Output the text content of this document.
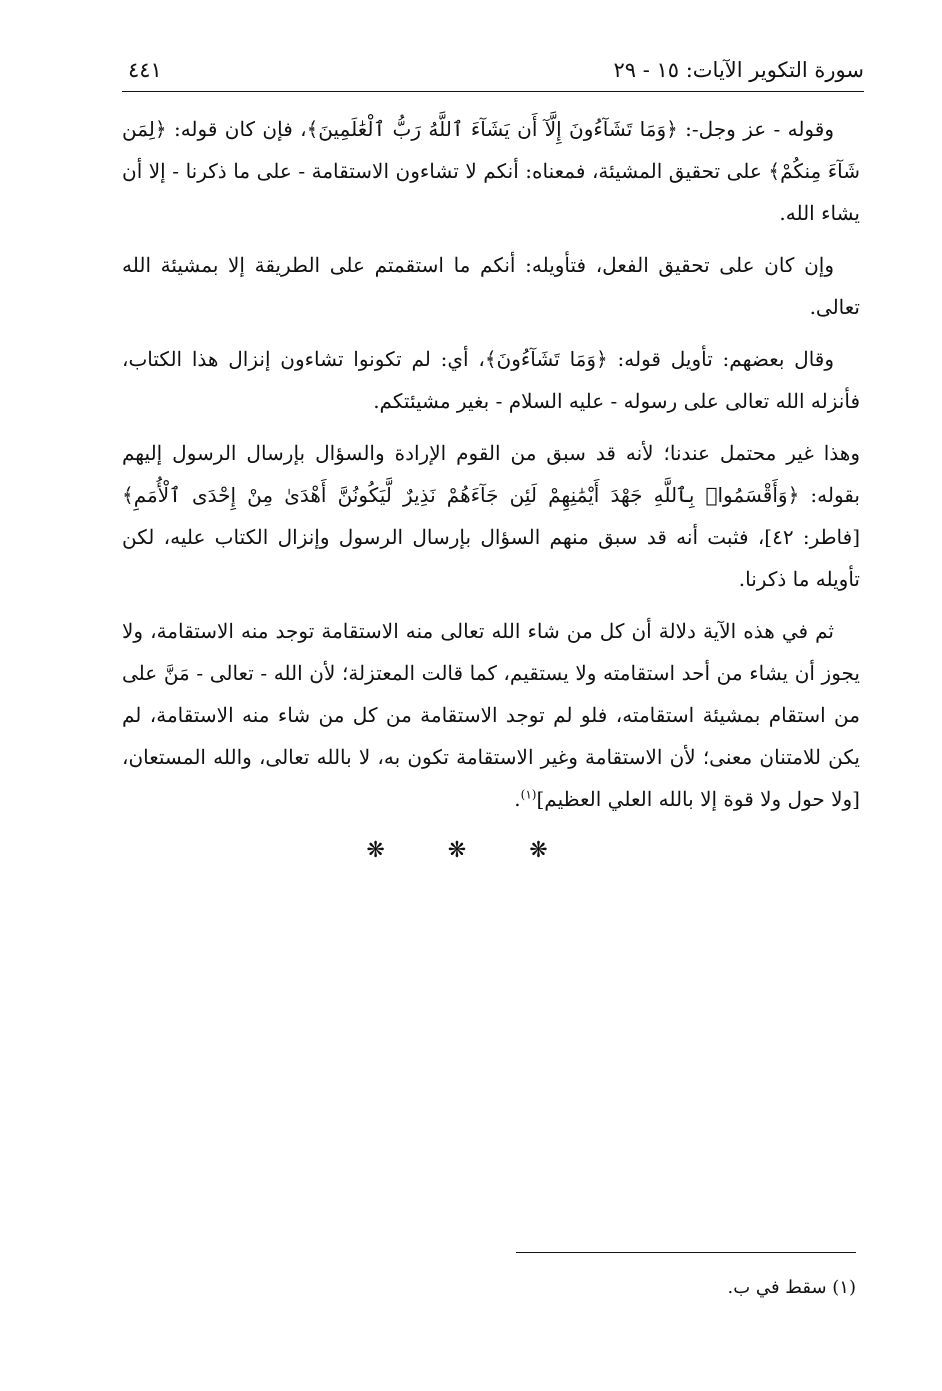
سورة التكوير الآيات: ١٥ - ٢٩
٤٤١

وقوله - عز وجل-: ﴿وَمَا تَشَآءُونَ إِلَّآ أَن يَشَآءَ ٱللَّهُ رَبُّ ٱلْعَٰلَمِينَ﴾، فإن كان قوله: ﴿لِمَن شَآءَ مِنكُمْ﴾ على تحقيق المشيئة، فمعناه: أنكم لا تشاءون الاستقامة - على ما ذكرنا - إلا أن يشاء الله.

وإن كان على تحقيق الفعل، فتأويله: أنكم ما استقمتم على الطريقة إلا بمشيئة الله تعالى.

وقال بعضهم: تأويل قوله: ﴿وَمَا تَشَآءُونَ﴾، أي: لم تكونوا تشاءون إنزال هذا الكتاب، فأنزله الله تعالى على رسوله - عليه السلام - بغير مشيئتكم.

وهذا غير محتمل عندنا؛ لأنه قد سبق من القوم الإرادة والسؤال بإرسال الرسول إليهم بقوله: ﴿وَأَقْسَمُوا۟ بِٱللَّهِ جَهْدَ أَيْمَٰنِهِمْ لَئِن جَآءَهُمْ نَذِيرٌ لَّيَكُونُنَّ أَهْدَىٰ مِنْ إِحْدَى ٱلْأُمَمِ﴾ [فاطر: ٤٢]، فثبت أنه قد سبق منهم السؤال بإرسال الرسول وإنزال الكتاب عليه، لكن تأويله ما ذكرنا.

ثم في هذه الآية دلالة أن كل من شاء الله تعالى منه الاستقامة توجد منه الاستقامة، ولا يجوز أن يشاء من أحد استقامته ولا يستقيم، كما قالت المعتزلة؛ لأن الله - تعالى - مَنَّ على من استقام بمشيئة استقامته، فلو لم توجد الاستقامة من كل من شاء منه الاستقامة، لم يكن للامتنان معنى؛ لأن الاستقامة وغير الاستقامة تكون به، لا بالله تعالى، والله المستعان، [ولا حول ولا قوة إلا بالله العلي العظيم]$^{(١)}$.

❋ ❋ ❋
(١) سقط في ب.
